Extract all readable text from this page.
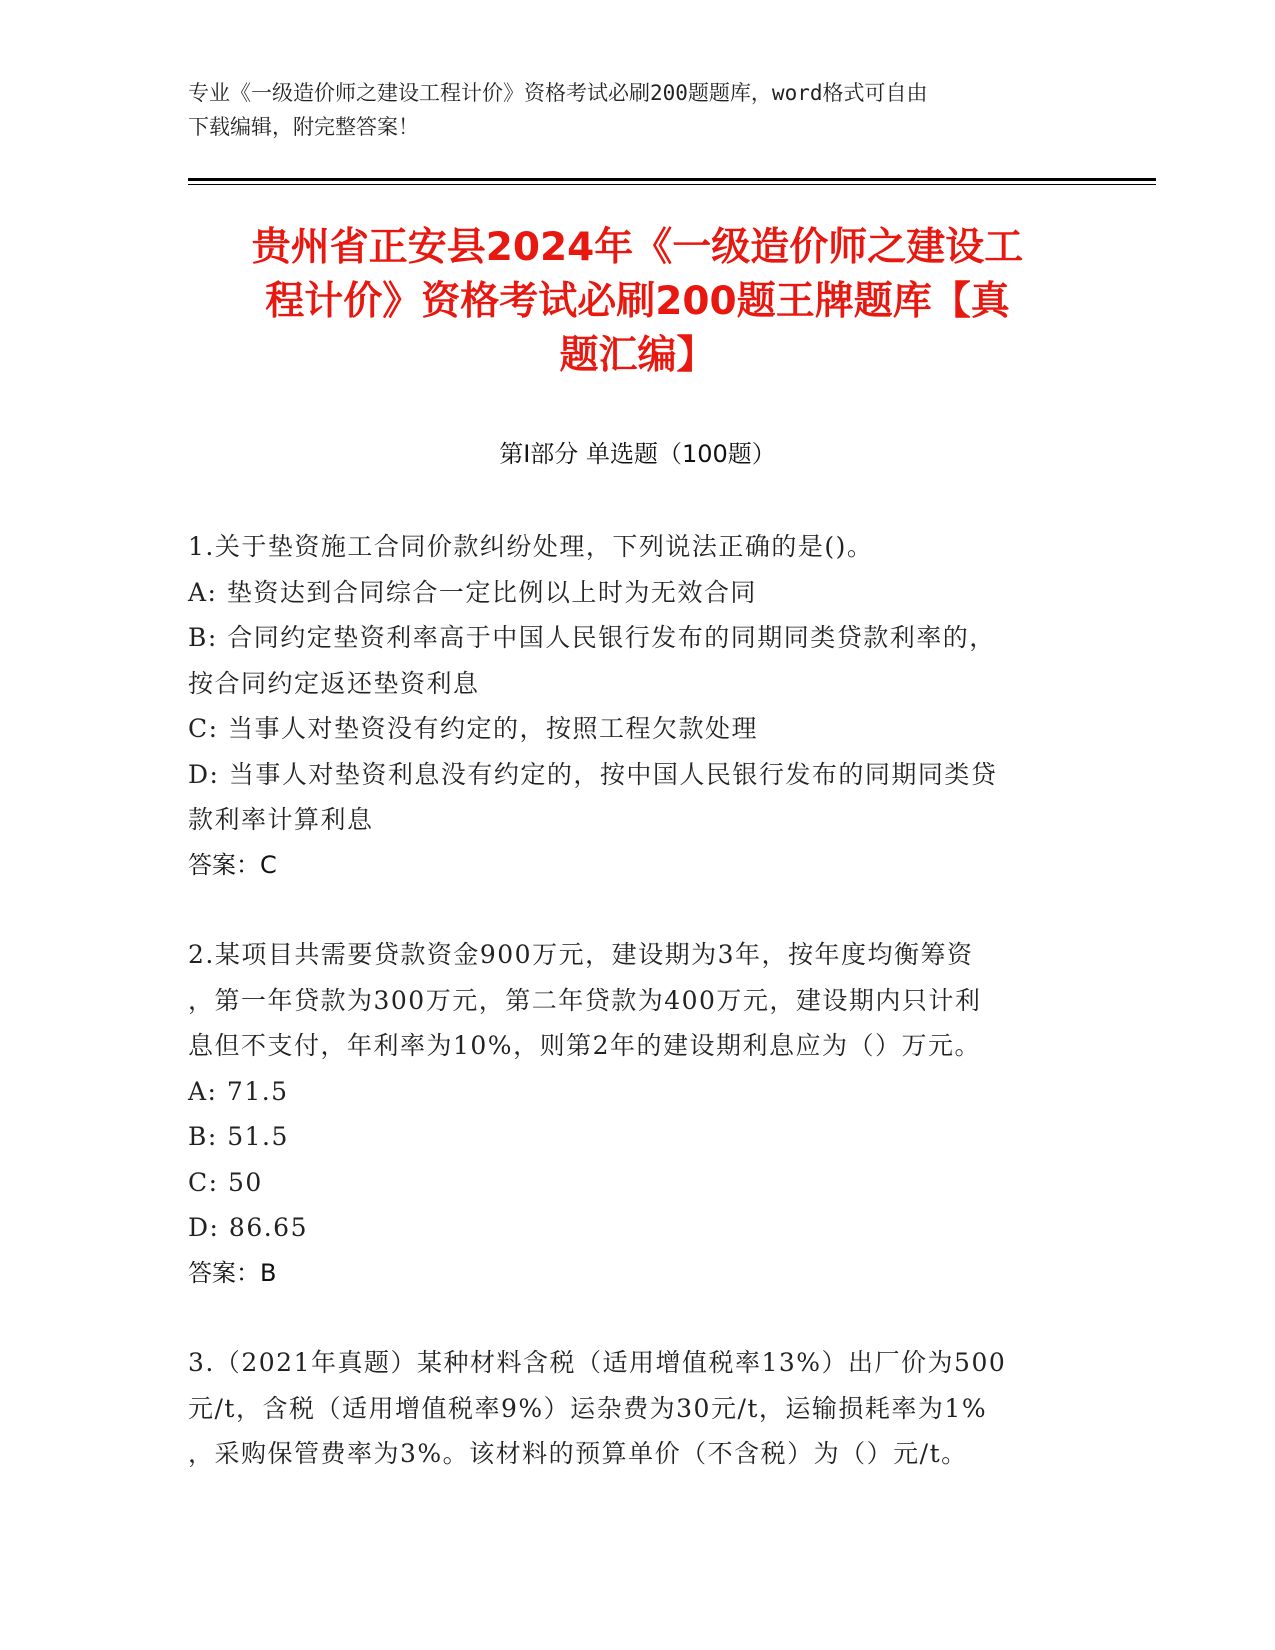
专业《一级造价师之建设工程计价》资格考试必刷200题题库，word格式可自由
下载编辑，附完整答案！
贵州省正安县2024年《一级造价师之建设工
程计价》资格考试必刷200题王牌题库【真
题汇编】
第Ⅰ部分 单选题（100题）

1.关于垫资施工合同价款纠纷处理，下列说法正确的是()。

A: 垫资达到合同综合一定比例以上时为无效合同

B: 合同约定垫资利率高于中国人民银行发布的同期同类贷款利率的，

按合同约定返还垫资利息

C: 当事人对垫资没有约定的，按照工程欠款处理

D: 当事人对垫资利息没有约定的，按中国人民银行发布的同期同类贷

款利率计算利息

答案：C

2.某项目共需要贷款资金900万元，建设期为3年，按年度均衡筹资

，第一年贷款为300万元，第二年贷款为400万元，建设期内只计利

息但不支付，年利率为10%，则第2年的建设期利息应为（）万元。

A: 71.5

B: 51.5

C: 50

D: 86.65

答案：B

3.（2021年真题）某种材料含税（适用增值税率13%）出厂价为500

元/t，含税（适用增值税率9%）运杂费为30元/t，运输损耗率为1%

，采购保管费率为3%。该材料的预算单价（不含税）为（）元/t。
